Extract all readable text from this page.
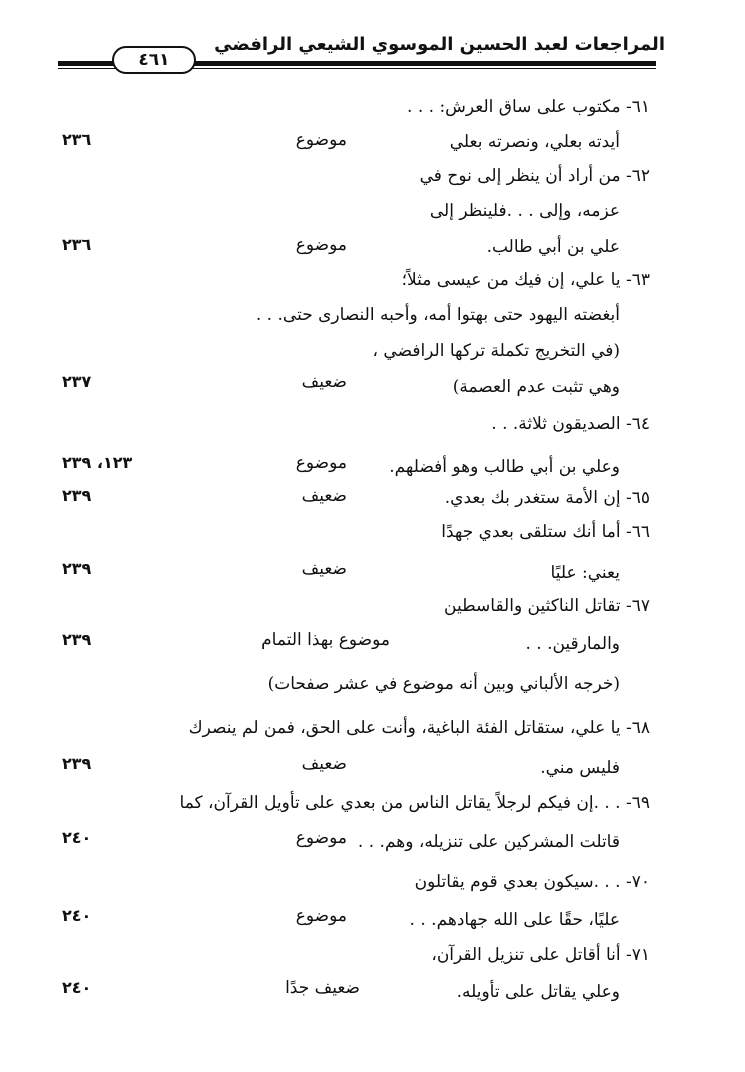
المراجعات لعبد الحسين الموسوي الشيعي الرافضي
٤٦١
٦١- مكتوب على ساق العرش: . . .
أيدته بعلي، ونصرته بعلي
موضوع
٢٣٦
٦٢- من أراد أن ينظر إلى نوح في
عزمه، وإلى . . .فلينظر إلى
علي بن أبي طالب.
موضوع
٢٣٦
٦٣- يا علي، إن فيك من عيسى مثلاً؛
أبغضته اليهود حتى بهتوا أمه، وأحبه النصارى حتى. . .
(في التخريج تكملة تركها الرافضي ،
وهي تثبت عدم العصمة)
ضعيف
٢٣٧
٦٤- الصديقون ثلاثة. . .
وعلي بن أبي طالب وهو أفضلهم.
موضوع
١٢٣، ٢٣٩
٦٥- إن الأمة ستغدر بك بعدي.
ضعيف
٢٣٩
٦٦- أما أنك ستلقى بعدي جهدًا
يعني: عليًا
ضعيف
٢٣٩
٦٧- تقاتل الناكثين والقاسطين
والمارقين. . .
موضوع بهذا التمام
٢٣٩
(خرجه الألباني وبين أنه موضوع في عشر صفحات)
٦٨- يا علي، ستقاتل الفئة الباغية، وأنت على الحق، فمن لم ينصرك
فليس مني.
ضعيف
٢٣٩
٦٩- . . .إن فيكم لرجلاً يقاتل الناس من بعدي على تأويل القرآن، كما
قاتلت المشركين على تنزيله، وهم. . .
موضوع
٢٤٠
٧٠- . . .سيكون بعدي قوم يقاتلون
عليًا، حقًا على الله جهادهم. . .
موضوع
٢٤٠
٧١- أنا أقاتل على تنزيل القرآن،
وعلي يقاتل على تأويله.
ضعيف جدًا
٢٤٠
